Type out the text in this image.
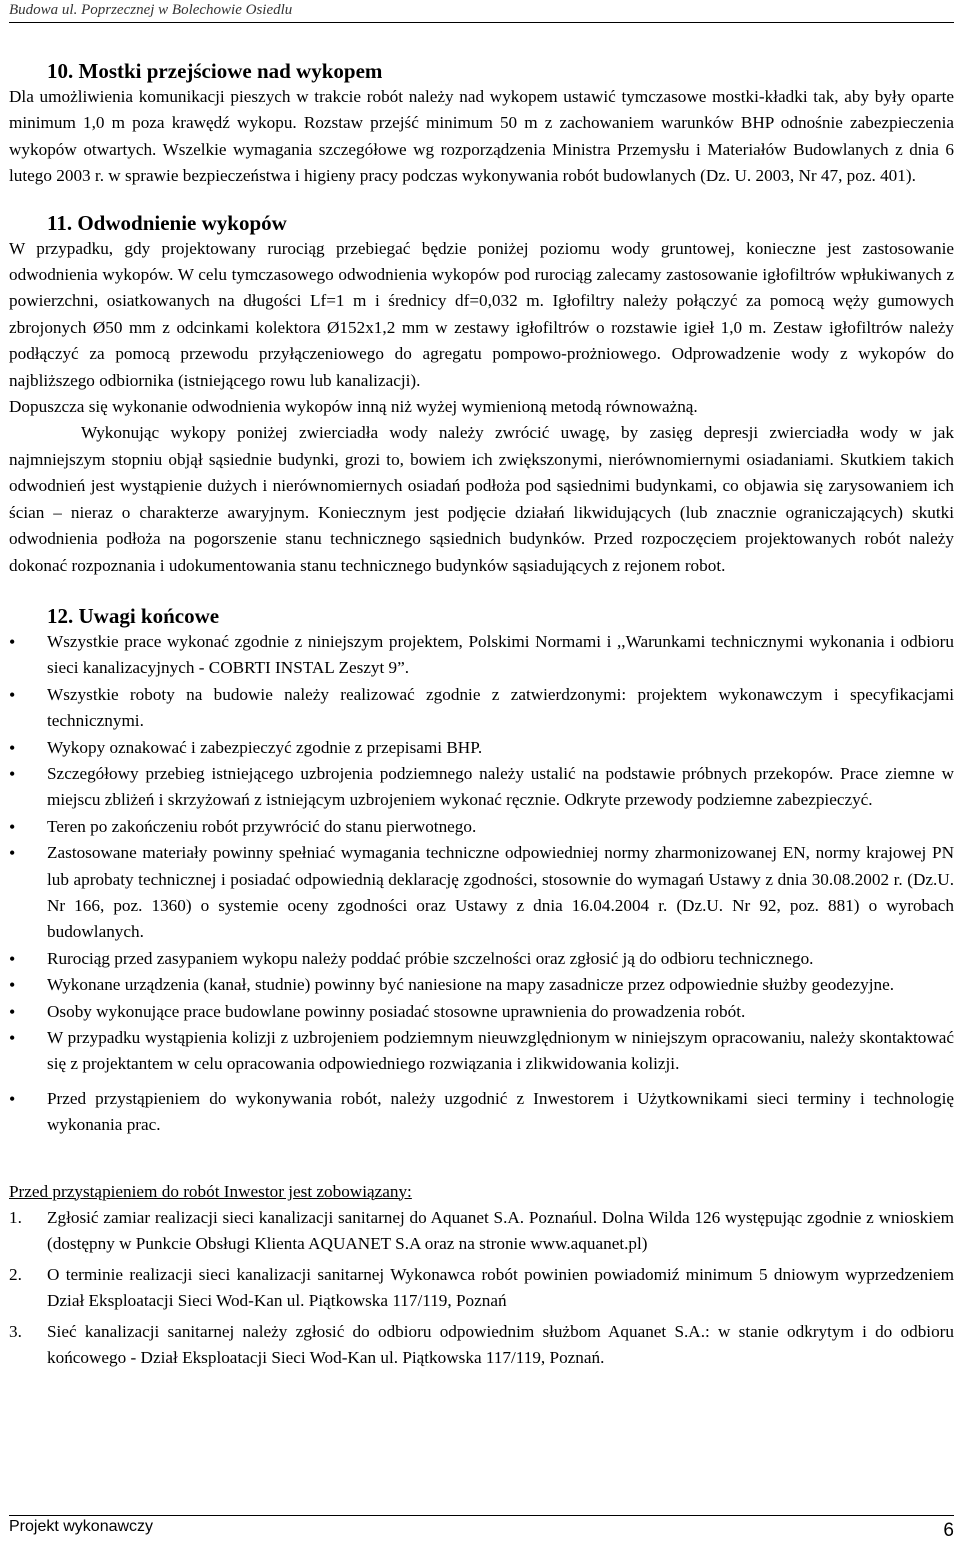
Budowa ul. Poprzecznej w Bolechowie Osiedlu
10. Mostki przejściowe nad wykopem

Dla umożliwienia komunikacji pieszych w trakcie robót należy nad wykopem ustawić tymczasowe mostki-kładki tak, aby były oparte minimum 1,0 m poza krawędź wykopu. Rozstaw przejść minimum 50 m z zachowaniem warunków BHP odnośnie zabezpieczenia wykopów otwartych. Wszelkie wymagania szczegółowe wg rozporządzenia Ministra Przemysłu i Materiałów Budowlanych z dnia 6 lutego 2003 r. w sprawie bezpieczeństwa i higieny pracy podczas wykonywania robót budowlanych (Dz. U. 2003, Nr 47, poz. 401).

11. Odwodnienie wykopów

W przypadku, gdy projektowany rurociąg przebiegać będzie poniżej poziomu wody gruntowej, konieczne jest zastosowanie odwodnienia wykopów. W celu tymczasowego odwodnienia wykopów pod rurociąg zalecamy zastosowanie igłofiltrów wpłukiwanych z powierzchni, osiatkowanych na długości Lf=1 m i średnicy df=0,032 m. Igłofiltry należy połączyć za pomocą węży gumowych zbrojonych Ø50 mm z odcinkami kolektora Ø152x1,2 mm w zestawy igłofiltrów o rozstawie igieł 1,0 m. Zestaw igłofiltrów należy podłączyć za pomocą przewodu przyłączeniowego do agregatu pompowo-prożniowego. Odprowadzenie wody z wykopów do najbliższego odbiornika (istniejącego rowu lub kanalizacji).

Dopuszcza się wykonanie odwodnienia wykopów inną niż wyżej wymienioną metodą równoważną.

Wykonując wykopy poniżej zwierciadła wody należy zwrócić uwagę, by zasięg depresji zwierciadła wody w jak najmniejszym stopniu objął sąsiednie budynki, grozi to, bowiem ich zwiększonymi, nierównomiernymi osiadaniami. Skutkiem takich odwodnień jest wystąpienie dużych i nierównomiernych osiadań podłoża pod sąsiednimi budynkami, co objawia się zarysowaniem ich ścian – nieraz o charakterze awaryjnym. Koniecznym jest podjęcie działań likwidujących (lub znacznie ograniczających) skutki odwodnienia podłoża na pogorszenie stanu technicznego sąsiednich budynków. Przed rozpoczęciem projektowanych robót należy dokonać rozpoznania i udokumentowania stanu technicznego budynków sąsiadujących z rejonem robot.

12. Uwagi końcowe
• Wszystkie prace wykonać zgodnie z niniejszym projektem, Polskimi Normami i ,,Warunkami technicznymi wykonania i odbioru sieci kanalizacyjnych - COBRTI INSTAL Zeszyt 9”.
• Wszystkie roboty na budowie należy realizować zgodnie z zatwierdzonymi: projektem wykonawczym i specyfikacjami technicznymi.
• Wykopy oznakować i zabezpieczyć zgodnie z przepisami BHP.
• Szczegółowy przebieg istniejącego uzbrojenia podziemnego należy ustalić na podstawie próbnych przekopów. Prace ziemne w miejscu zbliżeń i skrzyżowań z istniejącym uzbrojeniem wykonać ręcznie. Odkryte przewody podziemne zabezpieczyć.
• Teren po zakończeniu robót przywrócić do stanu pierwotnego.
• Zastosowane materiały powinny spełniać wymagania techniczne odpowiedniej normy zharmonizowanej EN, normy krajowej PN lub aprobaty technicznej i posiadać odpowiednią deklarację zgodności, stosownie do wymagań Ustawy z dnia 30.08.2002 r. (Dz.U. Nr 166, poz. 1360) o systemie oceny zgodności oraz Ustawy z dnia 16.04.2004 r. (Dz.U. Nr 92, poz. 881) o wyrobach budowlanych.
• Rurociąg przed zasypaniem wykopu należy poddać próbie szczelności oraz zgłosić ją do odbioru technicznego.
• Wykonane urządzenia (kanał, studnie) powinny być naniesione na mapy zasadnicze przez odpowiednie służby geodezyjne.
• Osoby wykonujące prace budowlane powinny posiadać stosowne uprawnienia do prowadzenia robót.
• W przypadku wystąpienia kolizji z uzbrojeniem podziemnym nieuwzględnionym w niniejszym opracowaniu, należy skontaktować się z projektantem w celu opracowania odpowiedniego rozwiązania i zlikwidowania kolizji.
• Przed przystąpieniem do wykonywania robót, należy uzgodnić z Inwestorem i Użytkownikami sieci terminy i technologię wykonania prac.

Przed przystąpieniem do robót Inwestor jest zobowiązany:

1. Zgłosić zamiar realizacji sieci kanalizacji sanitarnej do Aquanet S.A. Poznańul. Dolna Wilda 126 występując zgodnie z wnioskiem (dostępny w Punkcie Obsługi Klienta AQUANET S.A oraz na stronie www.aquanet.pl)
2. O terminie realizacji sieci kanalizacji sanitarnej Wykonawca robót powinien powiadomiź minimum 5 dniowym wyprzedzeniem Dział Eksploatacji Sieci Wod-Kan ul. Piątkowska 117/119, Poznań
3. Sieć kanalizacji sanitarnej należy zgłosić do odbioru odpowiednim służbom Aquanet S.A.: w stanie odkrytym i do odbioru końcowego - Dział Eksploatacji Sieci Wod-Kan ul. Piątkowska 117/119, Poznań.
Projekt wykonawczy	6
